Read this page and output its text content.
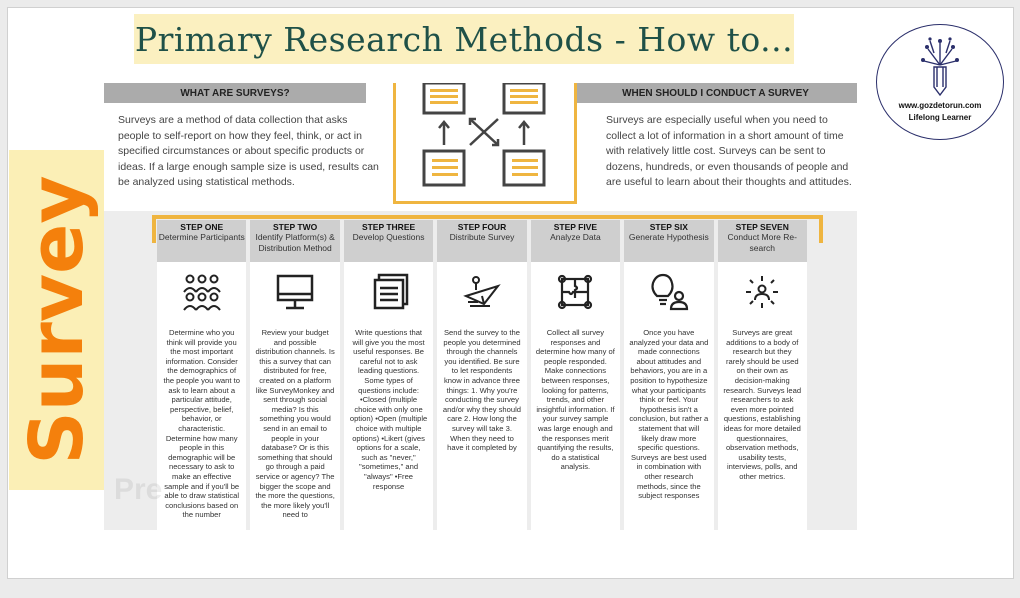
Primary Research Methods - How to...
Survey
www.gozdetorun.com
Lifelong Learner
WHAT ARE SURVEYS?
Surveys are a method of data collection that asks people to self-report on how they feel, think, or act in specified circumstances or about specific products or ideas. If a large enough sample size is used, results can be analyzed using statistical methods.
WHEN SHOULD I CONDUCT A SURVEY
Surveys are especially useful when you need to collect a lot of information in a short amount of time with relatively little cost. Surveys can be sent to dozens, hundreds, or even thousands of people and are useful to learn about their thoughts and attitudes.
STEP ONE
Determine Participants

Determine who you think will provide you the most important information. Consider the demographics of the people you want to ask to learn about a particular attitude, perspective, belief, behavior, or characteristic. Determine how many people in this demographic will be necessary to ask to make an effective sample and if you'll be able to draw statistical conclusions based on the number

STEP TWO
Identify Platform(s) & Distribution Method

Review your budget and possible distribution channels. Is this a survey that can distributed for free, created on a platform like SurveyMonkey and sent through social media? Is this something you would send in an email to people in your database? Or is this something that should go through a paid service or agency? The bigger the scope and the more the questions, the more likely you'll need to

STEP THREE
Develop Questions

Write questions that will give you the most useful responses. Be careful not to ask leading questions. Some types of questions include: •Closed (multiple choice with only one option) •Open (multiple choice with multiple options) •Likert (gives options for a scale, such as "never," "sometimes," and "always" •Free response

STEP FOUR
Distribute Survey

Send the survey to the people you determined through the channels you identified. Be sure to let respondents know in advance three things: 1. Why you're conducting the survey and/or why they should care 2. How long the survey will take 3. When they need to have it completed by

STEP FIVE
Analyze Data

Collect all survey responses and determine how many of people responded. Make connections between responses, looking for patterns, trends, and other insightful information. If your survey sample was large enough and the responses merit quantifying the results, do a statistical analysis.

STEP SIX
Generate Hypothesis

Once you have analyzed your data and made connections about attitudes and behaviors, you are in a position to hypothesize what your participants think or feel. Your hypothesis isn't a conclusion, but rather a statement that will likely draw more specific questions. Surveys are best used in combination with other research methods, since the subject responses

STEP SEVEN
Conduct More Re-search

Surveys are great additions to a body of research but they rarely should be used on their own as decision-making research. Surveys lead researchers to ask even more pointed questions, establishing ideas for more detailed questionnaires, observation methods, usability tests, interviews, polls, and other metrics.

Pre
